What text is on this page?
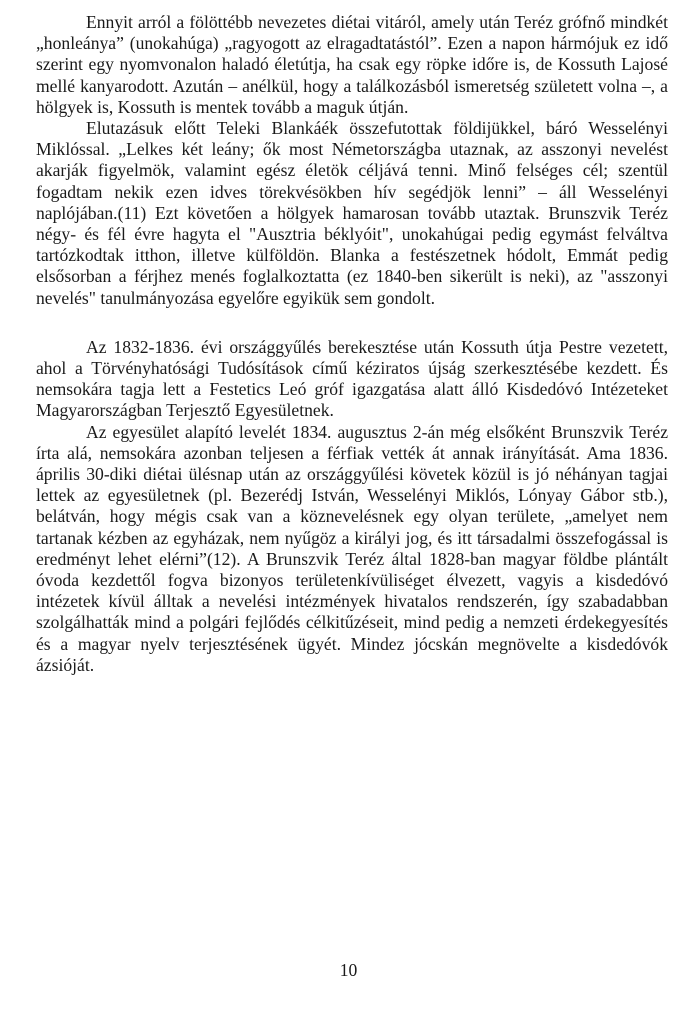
Ennyit arról a fölöttébb nevezetes diétai vitáról, amely után Teréz grófnő mindkét „honleánya” (unokahúga) „ragyogott az elragadtatástól”. Ezen a napon hármójuk ez idő szerint egy nyomvonalon haladó életútja, ha csak egy röpke időre is, de Kossuth Lajosé mellé kanyarodott. Azután – anélkül, hogy a találkozásból ismeretség született volna –, a hölgyek is, Kossuth is mentek tovább a maguk útján.

Elutazásuk előtt Teleki Blankáék összefutottak földijükkel, báró Wesselényi Miklóssal. „Lelkes két leány; ők most Németországba utaznak, az asszonyi nevelést akarják figyelmök, valamint egész életök céljává tenni. Minő felséges cél; szentül fogadtam nekik ezen idves törekvésökben hív segédjök lenni” – áll Wesselényi naplójában.(11) Ezt követően a hölgyek hamarosan tovább utaztak. Brunszvik Teréz négy- és fél évre hagyta el "Ausztria béklyóit", unokahúgai pedig egymást felváltva tartózkodtak itthon, illetve külföldön. Blanka a festészetnek hódolt, Emmát pedig elsősorban a férjhez menés foglalkoztatta (ez 1840-ben sikerült is neki), az "asszonyi nevelés" tanulmányozása egyelőre egyikük sem gondolt.

Az 1832-1836. évi országgyűlés berekesztése után Kossuth útja Pestre vezetett, ahol a Törvényhatósági Tudósítások című kéziratos újság szerkesztésébe kezdett. És nemsokára tagja lett a Festetics Leó gróf igazgatása alatt álló Kisdedóvó Intézeteket Magyarországban Terjesztő Egyesületnek.

Az egyesület alapító levelét 1834. augusztus 2-án még elsőként Brunszvik Teréz írta alá, nemsokára azonban teljesen a férfiak vették át annak irányítását. Ama 1836. április 30-diki diétai ülésnap után az országgyűlési követek közül is jó néhányan tagjai lettek az egyesületnek (pl. Bezerédj István, Wesselényi Miklós, Lónyay Gábor stb.), belátván, hogy mégis csak van a köznevelésnek egy olyan területe, „amelyet nem tartanak kézben az egyházak, nem nyűgöz a királyi jog, és itt társadalmi összefogással is eredményt lehet elérni”(12). A Brunszvik Teréz által 1828-ban magyar földbe plántált óvoda kezdettől fogva bizonyos területenkívüliséget élvezett, vagyis a kisdedóvó intézetek kívül álltak a nevelési intézmények hivatalos rendszerén, így szabadabban szolgálhatták mind a polgári fejlődés célkitűzéseit, mind pedig a nemzeti érdekegyesítés és a magyar nyelv terjesztésének ügyét. Mindez jócskán megnövelte a kisdedóvók ázsióját.

10
